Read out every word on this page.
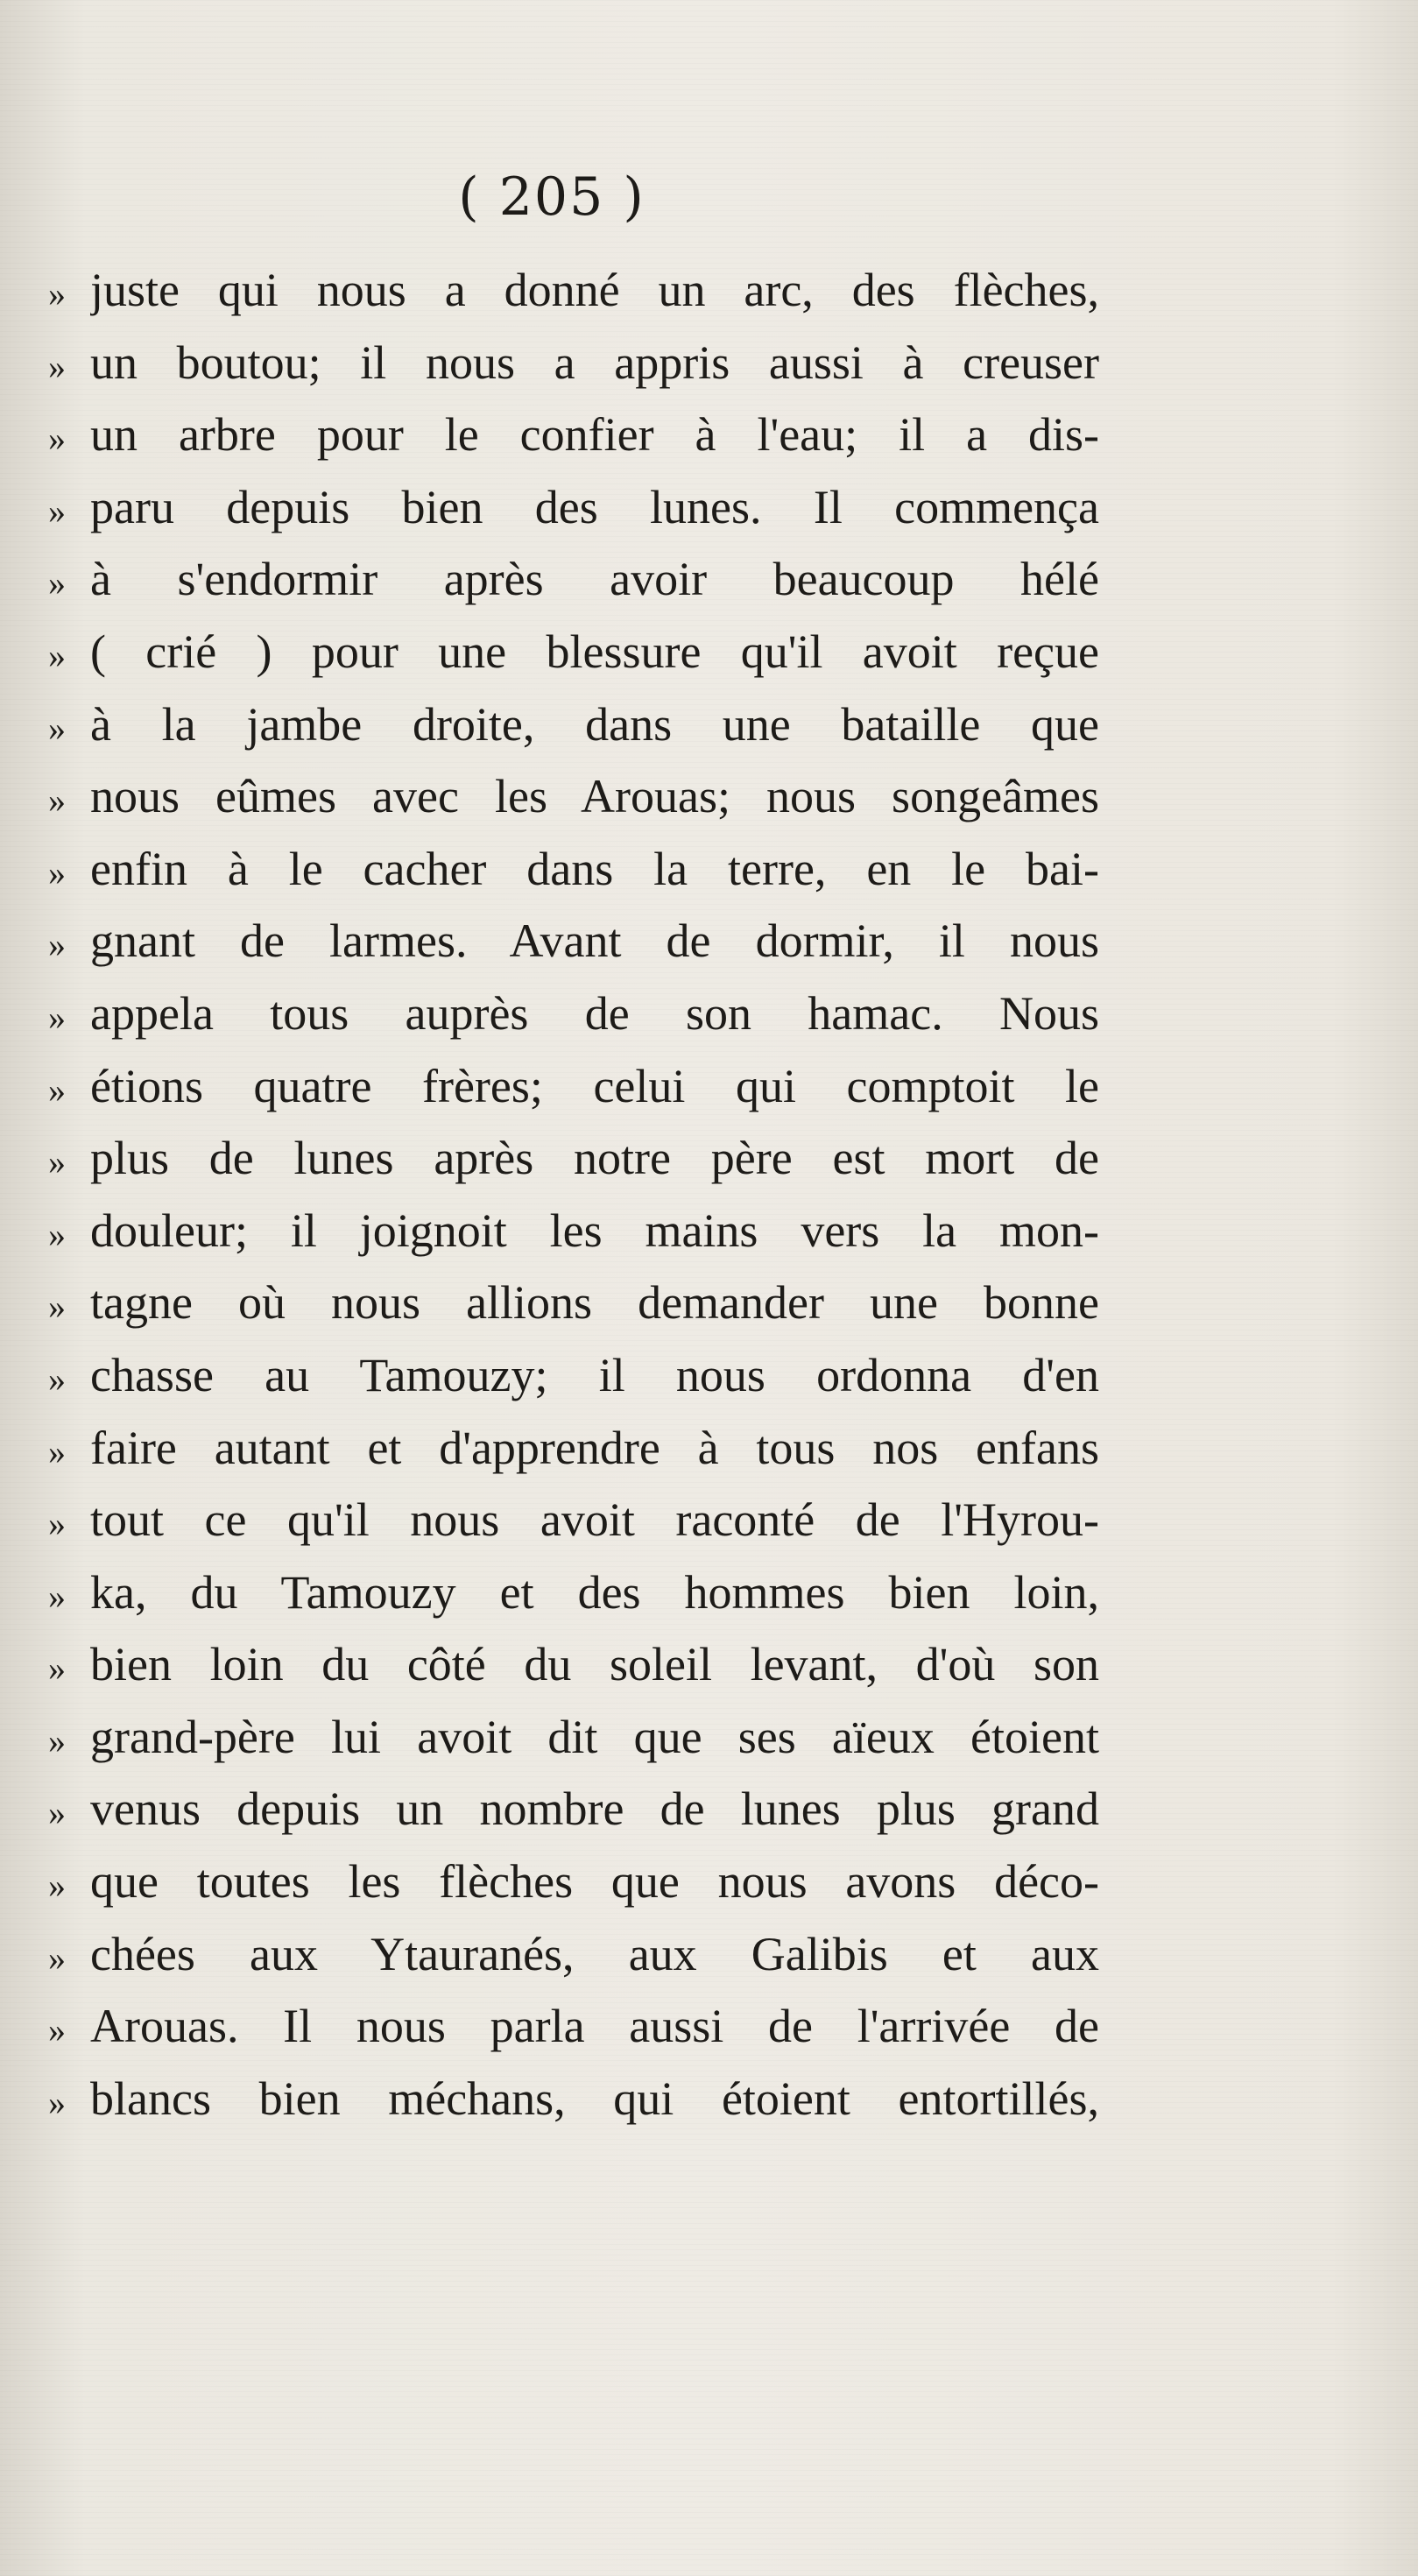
( 205 )
» juste qui nous a donné un arc, des flèches,
» un boutou; il nous a appris aussi à creuser
» un arbre pour le confier à l'eau; il a dis-
» paru depuis bien des lunes. Il commença
» à s'endormir après avoir beaucoup hélé
» ( crié ) pour une blessure qu'il avoit reçue
» à la jambe droite, dans une bataille que
» nous eûmes avec les Arouas; nous songeâmes
» enfin à le cacher dans la terre, en le bai-
» gnant de larmes. Avant de dormir, il nous
» appela tous auprès de son hamac. Nous
» étions quatre frères; celui qui comptoit le
» plus de lunes après notre père est mort de
» douleur; il joignoit les mains vers la mon-
» tagne où nous allions demander une bonne
» chasse au Tamouzy; il nous ordonna d'en
» faire autant et d'apprendre à tous nos enfans
» tout ce qu'il nous avoit raconté de l'Hyrou-
» ka, du Tamouzy et des hommes bien loin,
» bien loin du côté du soleil levant, d'où son
» grand-père lui avoit dit que ses aïeux étoient
» venus depuis un nombre de lunes plus grand
» que toutes les flèches que nous avons déco-
» chées aux Ytauranés, aux Galibis et aux
» Arouas. Il nous parla aussi de l'arrivée de
» blancs bien méchans, qui étoient entortillés,
